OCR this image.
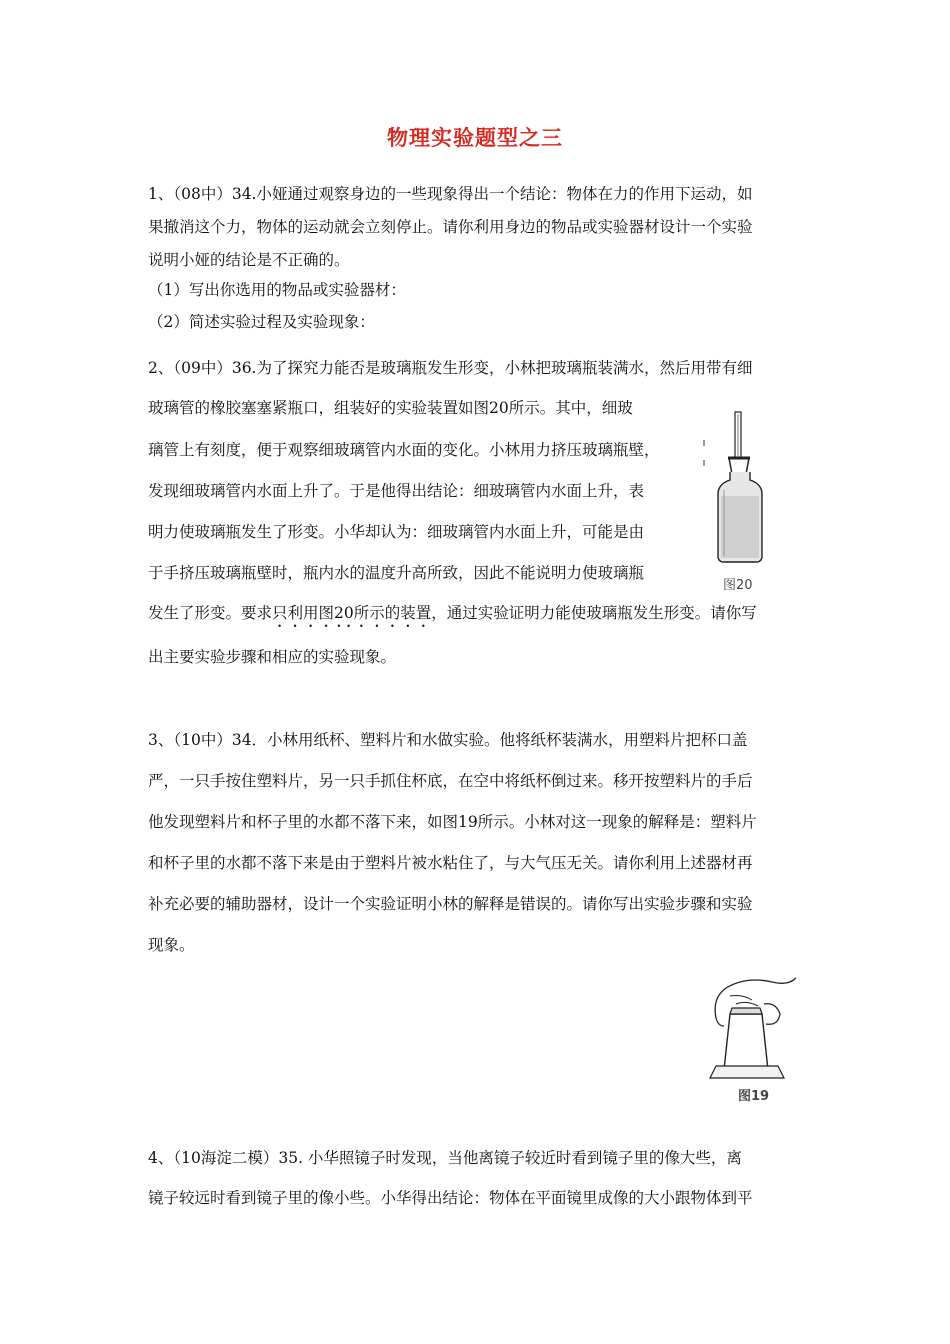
物理实验题型之三
1、（08中）34.小娅通过观察身边的一些现象得出一个结论：物体在力的作用下运动，如
果撤消这个力，物体的运动就会立刻停止。请你利用身边的物品或实验器材设计一个实验
说明小娅的结论是不正确的。
（1）写出你选用的物品或实验器材：
（2）简述实验过程及实验现象：
2、（09中）36.为了探究力能否是玻璃瓶发生形变，小林把玻璃瓶装满水，然后用带有细
玻璃管的橡胶塞塞紧瓶口，组装好的实验装置如图20所示。其中，细玻
璃管上有刻度，便于观察细玻璃管内水面的变化。小林用力挤压玻璃瓶壁，
发现细玻璃管内水面上升了。于是他得出结论：细玻璃管内水面上升，表
明力使玻璃瓶发生了形变。小华却认为：细玻璃管内水面上升，可能是由
于手挤压玻璃瓶壁时，瓶内水的温度升高所致，因此不能说明力使玻璃瓶
发生了形变。要求只利用图20所示的装置，通过实验证明力能使玻璃瓶发生形变。请你写
出主要实验步骤和相应的实验现象。
图20
3、（10中）34．小林用纸杯、塑料片和水做实验。他将纸杯装满水，用塑料片把杯口盖
严，一只手按住塑料片，另一只手抓住杯底，在空中将纸杯倒过来。移开按塑料片的手后
他发现塑料片和杯子里的水都不落下来，如图19所示。小林对这一现象的解释是：塑料片
和杯子里的水都不落下来是由于塑料片被水粘住了，与大气压无关。请你利用上述器材再
补充必要的辅助器材，设计一个实验证明小林的解释是错误的。请你写出实验步骤和实验
现象。
图19
4、（10海淀二模）35. 小华照镜子时发现，当他离镜子较近时看到镜子里的像大些，离
镜子较远时看到镜子里的像小些。小华得出结论：物体在平面镜里成像的大小跟物体到平
